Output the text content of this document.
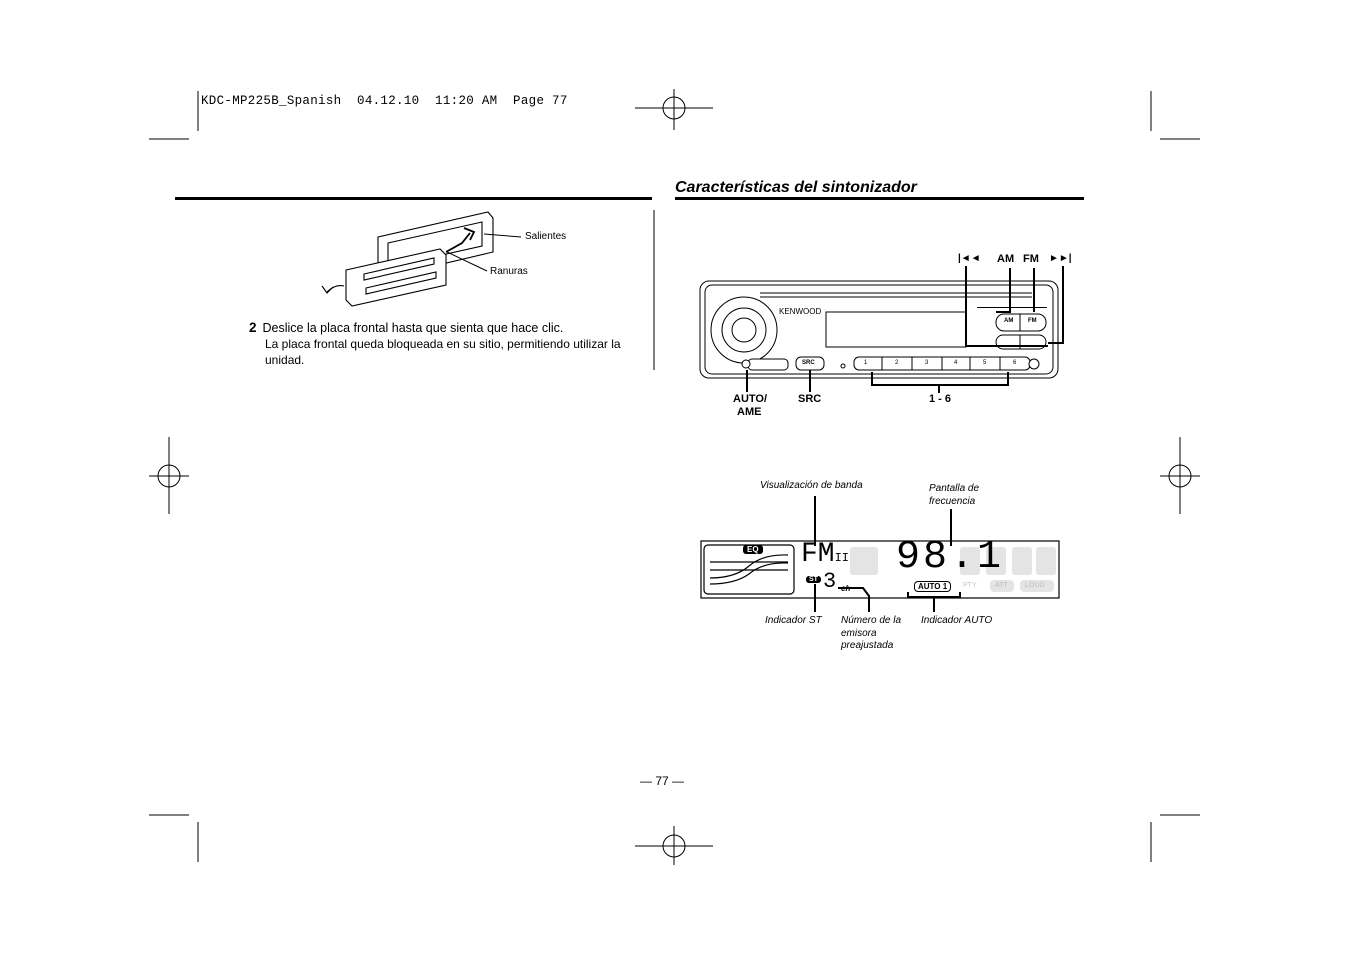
KDC-MP225B_Spanish  04.12.10  11:20 AM  Page 77
Características del sintonizador
Salientes
Ranuras
2 Deslice la placa frontal hasta que sienta que hace clic.
La placa frontal queda bloqueada en su sitio, permitiendo utilizar la unidad.
KENWOOD
|◄◄ AM FM ►►|
AUTO/
AME
SRC	1 - 6
AM FM
SRC	1	2	3	4	5	6
EQ FMII 98.1
3 ch
ST
AUTO 1	PTY	ATT LOUD
Visualización de banda	Pantalla de
frecuencia
Indicador ST Número de la
emisora
preajustada
Indicador AUTO
— 77 —
